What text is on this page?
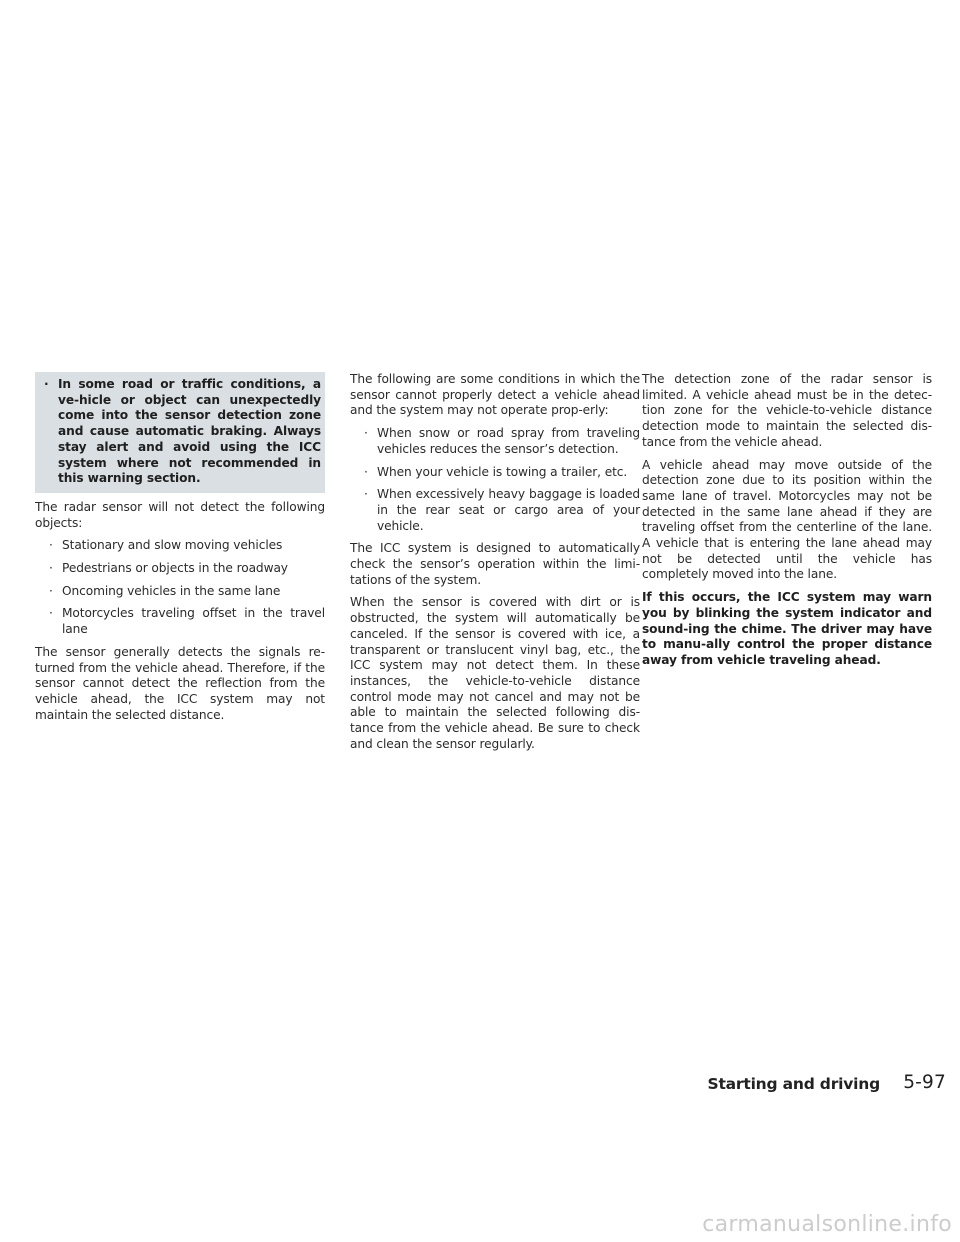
· In some road or traffic conditions, a ve-hicle or object can unexpectedly come into the sensor detection zone and cause automatic braking. Always stay alert and avoid using the ICC system where not recommended in this warning section.

The radar sensor will not detect the following objects:

· Stationary and slow moving vehicles
· Pedestrians or objects in the roadway
· Oncoming vehicles in the same lane
· Motorcycles traveling offset in the travel lane

The sensor generally detects the signals re-turned from the vehicle ahead. Therefore, if the sensor cannot detect the reflection from the vehicle ahead, the ICC system may not maintain the selected distance.

The following are some conditions in which the sensor cannot properly detect a vehicle ahead and the system may not operate prop-erly:

· When snow or road spray from traveling vehicles reduces the sensor’s detection.
· When your vehicle is towing a trailer, etc.
· When excessively heavy baggage is loaded in the rear seat or cargo area of your vehicle.

The ICC system is designed to automatically check the sensor’s operation within the limi-tations of the system.

When the sensor is covered with dirt or is obstructed, the system will automatically be canceled. If the sensor is covered with ice, a transparent or translucent vinyl bag, etc., the ICC system may not detect them. In these instances, the vehicle-to-vehicle distance control mode may not cancel and may not be able to maintain the selected following dis-tance from the vehicle ahead. Be sure to check and clean the sensor regularly.

The detection zone of the radar sensor is limited. A vehicle ahead must be in the detec-tion zone for the vehicle-to-vehicle distance detection mode to maintain the selected dis-tance from the vehicle ahead.

A vehicle ahead may move outside of the detection zone due to its position within the same lane of travel. Motorcycles may not be detected in the same lane ahead if they are traveling offset from the centerline of the lane. A vehicle that is entering the lane ahead may not be detected until the vehicle has completely moved into the lane.

If this occurs, the ICC system may warn you by blinking the system indicator and sound-ing the chime. The driver may have to manu-ally control the proper distance away from vehicle traveling ahead.

Starting and driving 5-97
carmanualsonline.info
